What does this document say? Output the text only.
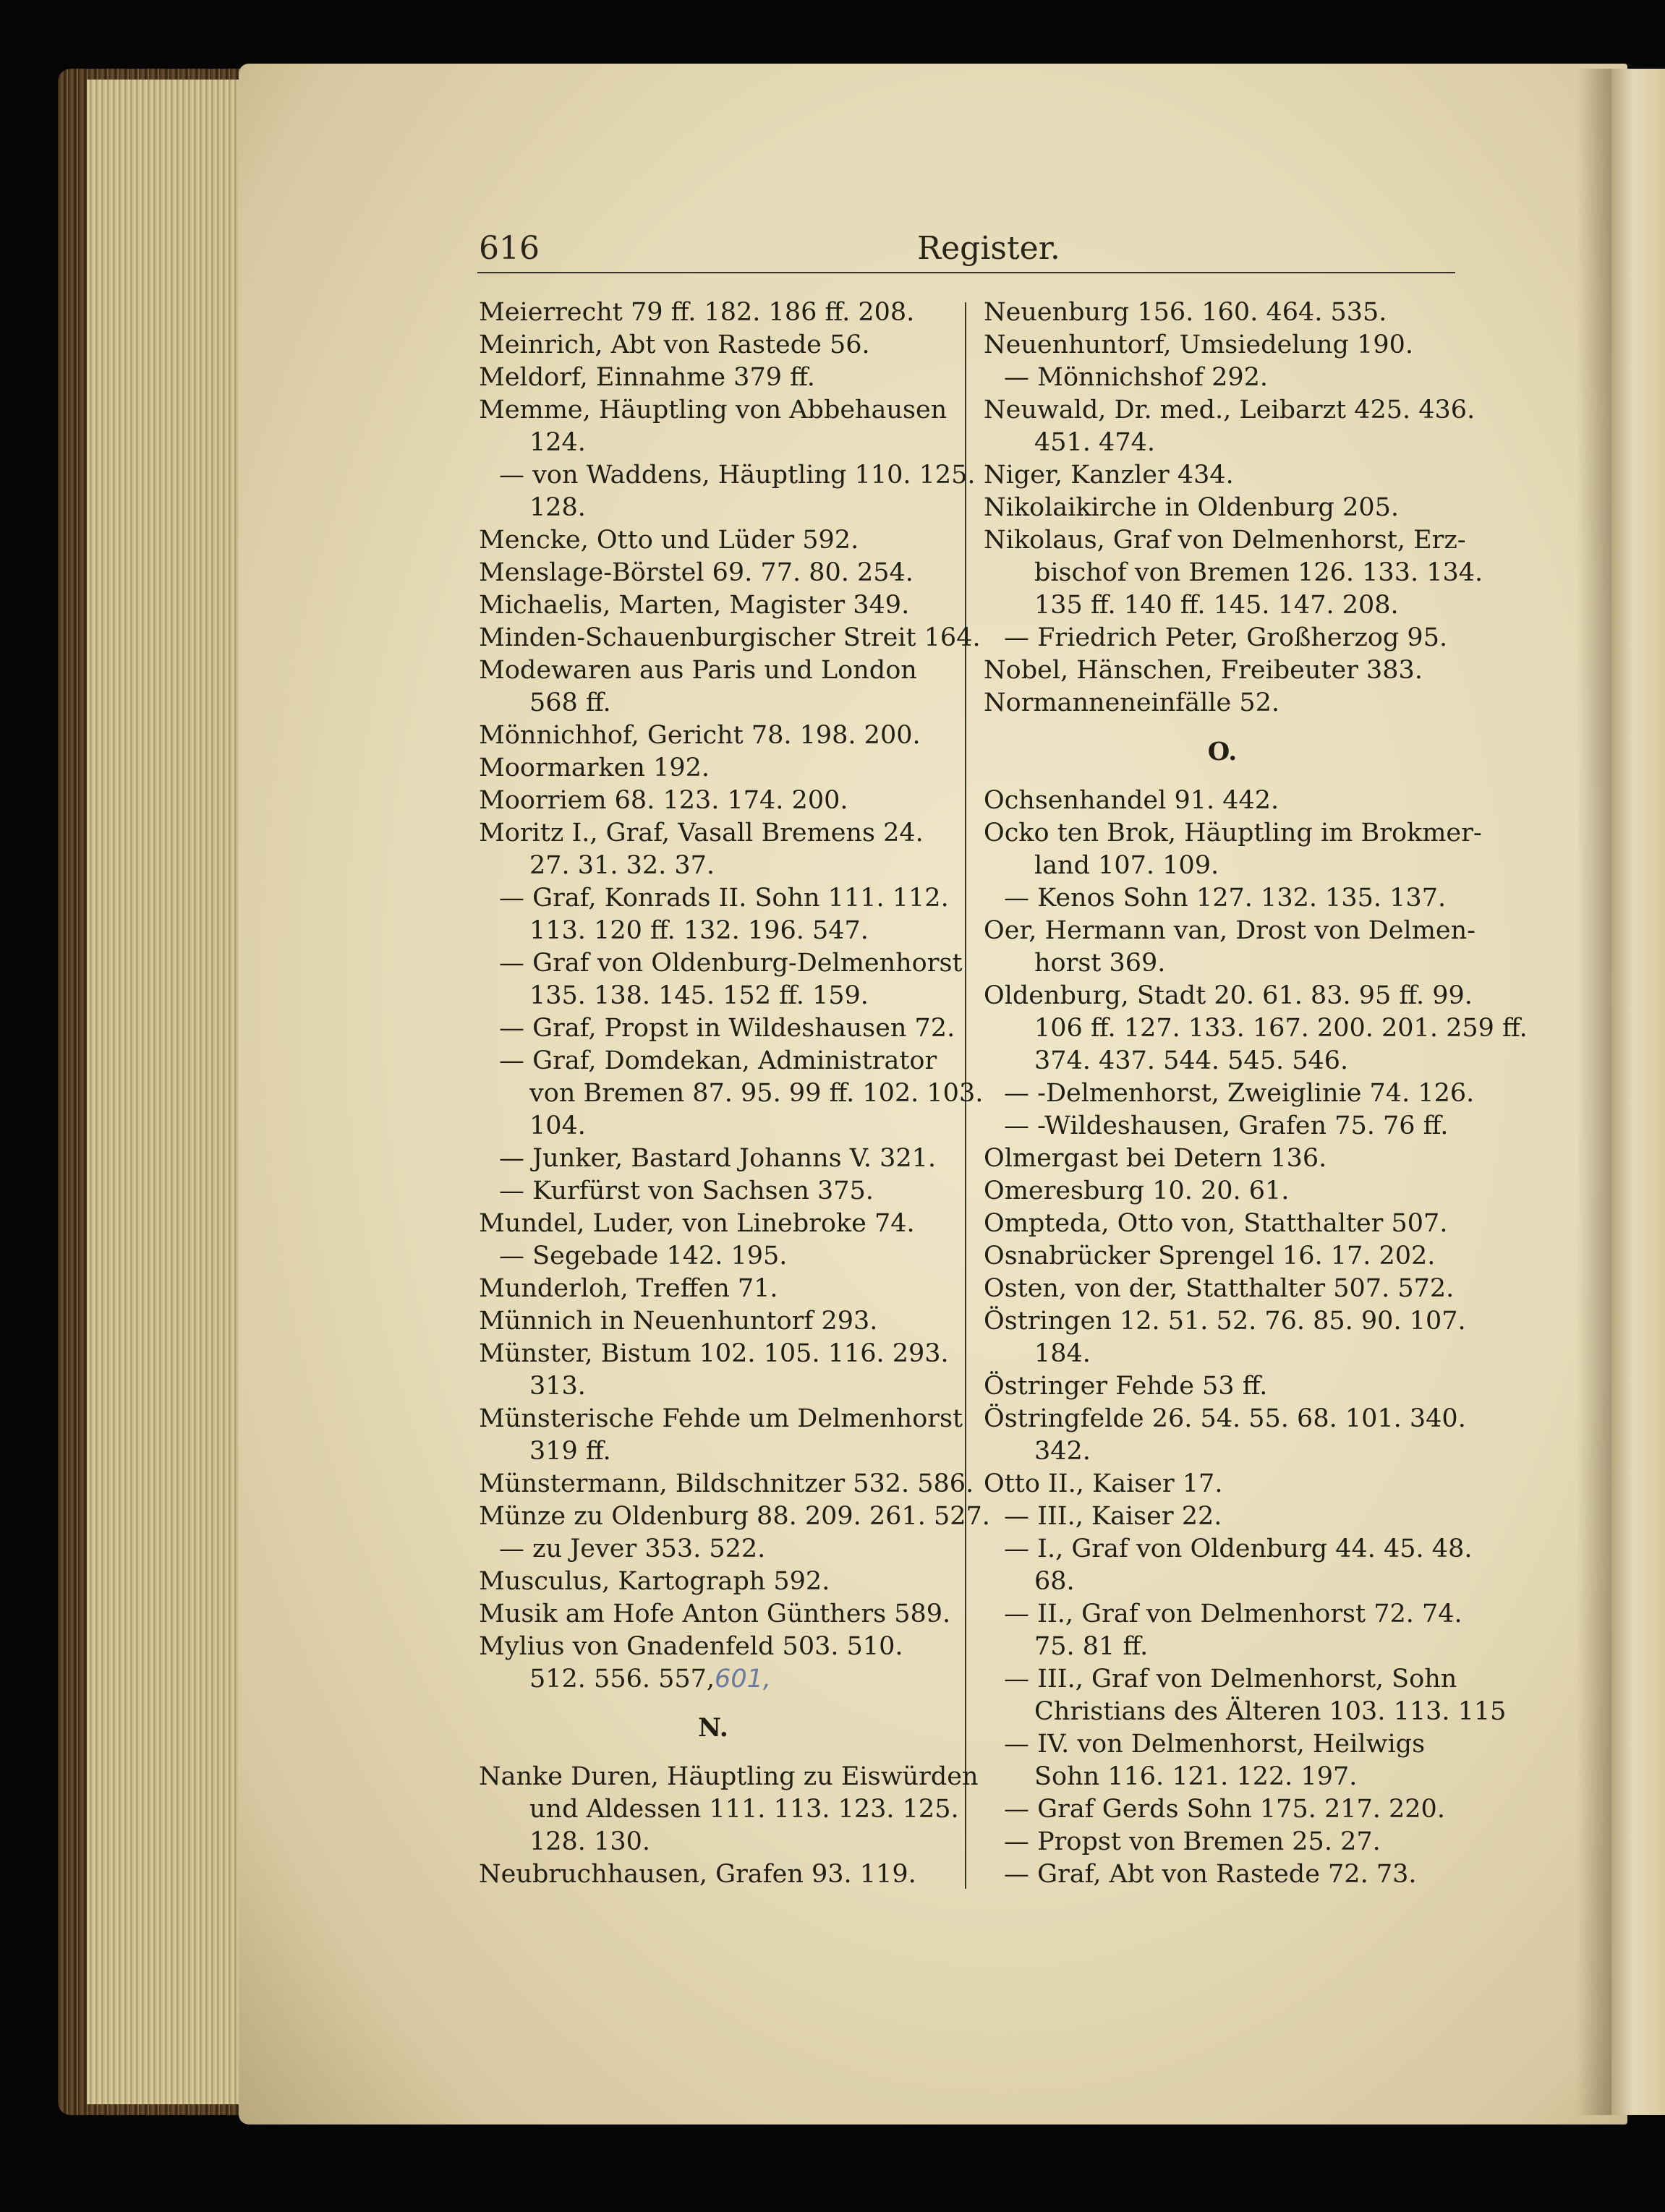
616	Register.
Meierrecht 79 ff. 182. 186 ff. 208.
Meinrich, Abt von Rastede 56.
Meldorf, Einnahme 379 ff.
Memme, Häuptling von Abbehausen
124.
— von Waddens, Häuptling 110. 125.
128.
Mencke, Otto und Lüder 592.
Menslage-Börstel 69. 77. 80. 254.
Michaelis, Marten, Magister 349.
Minden-Schauenburgischer Streit 164.
Modewaren aus Paris und London
568 ff.
Mönnichhof, Gericht 78. 198. 200.
Moormarken 192.
Moorriem 68. 123. 174. 200.
Moritz I., Graf, Vasall Bremens 24.
27. 31. 32. 37.
— Graf, Konrads II. Sohn 111. 112.
113. 120 ff. 132. 196. 547.
— Graf von Oldenburg-Delmenhorst
135. 138. 145. 152 ff. 159.
— Graf, Propst in Wildeshausen 72.
— Graf, Domdekan, Administrator
von Bremen 87. 95. 99 ff. 102. 103.
104.
— Junker, Bastard Johanns V. 321.
— Kurfürst von Sachsen 375.
Mundel, Luder, von Linebroke 74.
— Segebade 142. 195.
Munderloh, Treffen 71.
Münnich in Neuenhuntorf 293.
Münster, Bistum 102. 105. 116. 293.
313.
Münsterische Fehde um Delmenhorst
319 ff.
Münstermann, Bildschnitzer 532. 586.
Münze zu Oldenburg 88. 209. 261. 527.
— zu Jever 353. 522.
Musculus, Kartograph 592.
Musik am Hofe Anton Günthers 589.
Mylius von Gnadenfeld 503. 510.
512. 556. 557,601,
N.
Nanke Duren, Häuptling zu Eiswürden
und Aldessen 111. 113. 123. 125.
128. 130.
Neubruchhausen, Grafen 93. 119.
Neuenburg 156. 160. 464. 535.
Neuenhuntorf, Umsiedelung 190.
— Mönnichshof 292.
Neuwald, Dr. med., Leibarzt 425. 436.
451. 474.
Niger, Kanzler 434.
Nikolaikirche in Oldenburg 205.
Nikolaus, Graf von Delmenhorst, Erz-
bischof von Bremen 126. 133. 134.
135 ff. 140 ff. 145. 147. 208.
— Friedrich Peter, Großherzog 95.
Nobel, Hänschen, Freibeuter 383.
Normanneneinfälle 52.
O.
Ochsenhandel 91. 442.
Ocko ten Brok, Häuptling im Brokmer-
land 107. 109.
— Kenos Sohn 127. 132. 135. 137.
Oer, Hermann van, Drost von Delmen-
horst 369.
Oldenburg, Stadt 20. 61. 83. 95 ff. 99.
106 ff. 127. 133. 167. 200. 201. 259 ff.
374. 437. 544. 545. 546.
— -Delmenhorst, Zweiglinie 74. 126.
— -Wildeshausen, Grafen 75. 76 ff.
Olmergast bei Detern 136.
Omeresburg 10. 20. 61.
Ompteda, Otto von, Statthalter 507.
Osnabrücker Sprengel 16. 17. 202.
Osten, von der, Statthalter 507. 572.
Östringen 12. 51. 52. 76. 85. 90. 107.
184.
Östringer Fehde 53 ff.
Östringfelde 26. 54. 55. 68. 101. 340.
342.
Otto II., Kaiser 17.
— III., Kaiser 22.
— I., Graf von Oldenburg 44. 45. 48.
68.
— II., Graf von Delmenhorst 72. 74.
75. 81 ff.
— III., Graf von Delmenhorst, Sohn
Christians des Älteren 103. 113. 115
— IV. von Delmenhorst, Heilwigs
Sohn 116. 121. 122. 197.
— Graf Gerds Sohn 175. 217. 220.
— Propst von Bremen 25. 27.
— Graf, Abt von Rastede 72. 73.
